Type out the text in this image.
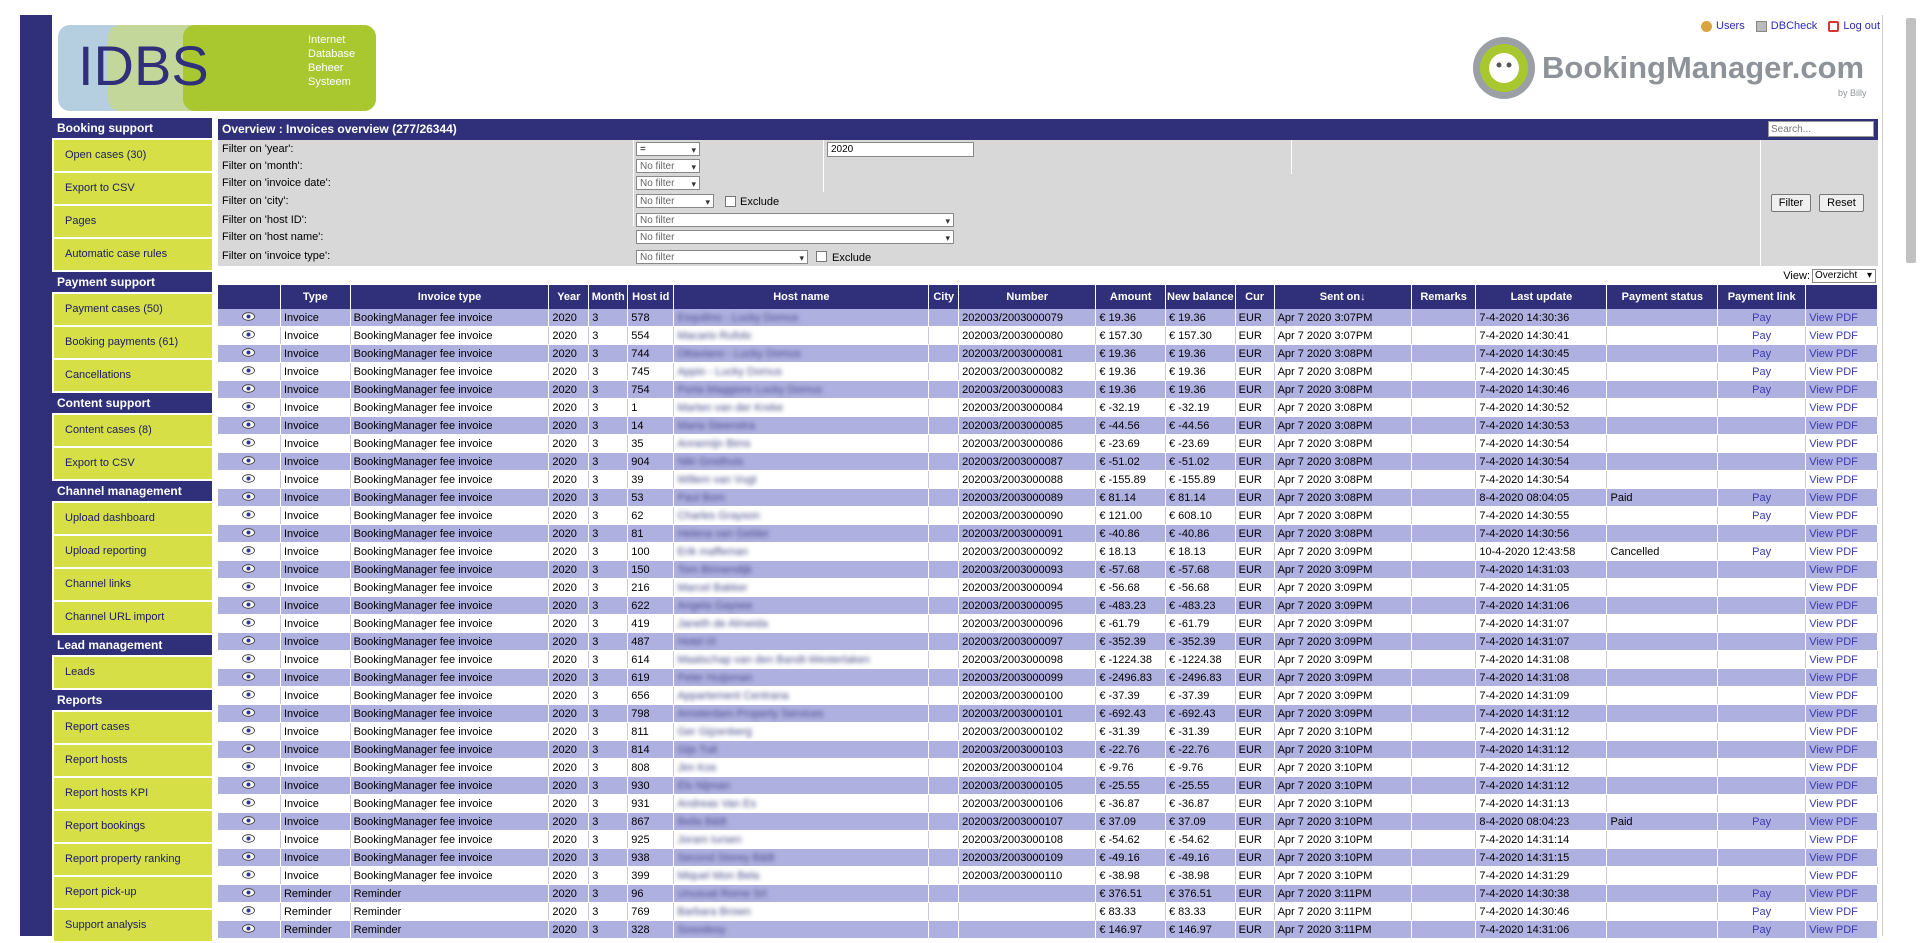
IDBS	Internet
Database
Beheer
Systeem
Users DBCheck Log out
BookingManager.com
by Billy
Booking support
Open cases (30)
Export to CSV
Pages
Automatic case rules
Payment support
Payment cases (50)
Booking payments (61)
Cancellations
Content support
Content cases (8)
Export to CSV
Channel management
Upload dashboard
Upload reporting
Channel links
Channel URL import
Lead management
Leads
Reports
Report cases
Report hosts
Report hosts KPI
Report bookings
Report property ranking
Report pick-up
Support analysis
Overview : Invoices overview (277/26344)
Search...
Filter on 'year':	=	▾	2020
Filter on 'month':	No filter ▾
Filter on 'invoice date':	No filter ▾
Filter on 'city':	No filter	▾	Exclude
Filter on 'host ID':	No filter	▾
Filter on 'host name':	No filter	▾
Filter on 'invoice type':	No filter	▾	Exclude
Filter	Reset
View: Overzicht ▾
	Type	Invoice type	Year	Month	Host id	Host name	City	Number	Amount	New balance	Cur	Sent on↓	Remarks	Last update	Payment status	Payment link	
	Invoice	BookingManager fee invoice	2020	3	578	Esquilino - Lucky Domus		202003/2003000079	€ 19.36	€ 19.36	EUR	Apr 7 2020 3:07PM		7-4-2020 14:30:36		Pay	View PDF
	Invoice	BookingManager fee invoice	2020	3	554	Macario Rufolo		202003/2003000080	€ 157.30	€ 157.30	EUR	Apr 7 2020 3:07PM		7-4-2020 14:30:41		Pay	View PDF
	Invoice	BookingManager fee invoice	2020	3	744	Ottaviano - Lucky Domus		202003/2003000081	€ 19.36	€ 19.36	EUR	Apr 7 2020 3:08PM		7-4-2020 14:30:45		Pay	View PDF
	Invoice	BookingManager fee invoice	2020	3	745	Appio - Lucky Domus		202003/2003000082	€ 19.36	€ 19.36	EUR	Apr 7 2020 3:08PM		7-4-2020 14:30:45		Pay	View PDF
	Invoice	BookingManager fee invoice	2020	3	754	Porta Maggiore Lucky Domus		202003/2003000083	€ 19.36	€ 19.36	EUR	Apr 7 2020 3:08PM		7-4-2020 14:30:46		Pay	View PDF
	Invoice	BookingManager fee invoice	2020	3	1	Marten van der Kreke		202003/2003000084	€ -32.19	€ -32.19	EUR	Apr 7 2020 3:08PM		7-4-2020 14:30:52			View PDF
	Invoice	BookingManager fee invoice	2020	3	14	Maria Steenstra		202003/2003000085	€ -44.56	€ -44.56	EUR	Apr 7 2020 3:08PM		7-4-2020 14:30:53			View PDF
	Invoice	BookingManager fee invoice	2020	3	35	Annemijn Bims		202003/2003000086	€ -23.69	€ -23.69	EUR	Apr 7 2020 3:08PM		7-4-2020 14:30:54			View PDF
	Invoice	BookingManager fee invoice	2020	3	904	Niki Grodhuis		202003/2003000087	€ -51.02	€ -51.02	EUR	Apr 7 2020 3:08PM		7-4-2020 14:30:54			View PDF
	Invoice	BookingManager fee invoice	2020	3	39	Willem van Vugt		202003/2003000088	€ -155.89	€ -155.89	EUR	Apr 7 2020 3:08PM		7-4-2020 14:30:54			View PDF
	Invoice	BookingManager fee invoice	2020	3	53	Paul Bom		202003/2003000089	€ 81.14	€ 81.14	EUR	Apr 7 2020 3:08PM		8-4-2020 08:04:05	Paid	Pay	View PDF
	Invoice	BookingManager fee invoice	2020	3	62	Charles Grayson		202003/2003000090	€ 121.00	€ 608.10	EUR	Apr 7 2020 3:08PM		7-4-2020 14:30:55		Pay	View PDF
	Invoice	BookingManager fee invoice	2020	3	81	Helena van Gelder		202003/2003000091	€ -40.86	€ -40.86	EUR	Apr 7 2020 3:08PM		7-4-2020 14:30:56			View PDF
	Invoice	BookingManager fee invoice	2020	3	100	Erik maffeman		202003/2003000092	€ 18.13	€ 18.13	EUR	Apr 7 2020 3:09PM		10-4-2020 12:43:58	Cancelled	Pay	View PDF
	Invoice	BookingManager fee invoice	2020	3	150	Tom Binnendijk		202003/2003000093	€ -57.68	€ -57.68	EUR	Apr 7 2020 3:09PM		7-4-2020 14:31:03			View PDF
	Invoice	BookingManager fee invoice	2020	3	216	Marcel Bakker		202003/2003000094	€ -56.68	€ -56.68	EUR	Apr 7 2020 3:09PM		7-4-2020 14:31:05			View PDF
	Invoice	BookingManager fee invoice	2020	3	622	Angela Gaysee		202003/2003000095	€ -483.23	€ -483.23	EUR	Apr 7 2020 3:09PM		7-4-2020 14:31:06			View PDF
	Invoice	BookingManager fee invoice	2020	3	419	Janeth de Almeida		202003/2003000096	€ -61.79	€ -61.79	EUR	Apr 7 2020 3:09PM		7-4-2020 14:31:07			View PDF
	Invoice	BookingManager fee invoice	2020	3	487	Hotel IX		202003/2003000097	€ -352.39	€ -352.39	EUR	Apr 7 2020 3:09PM		7-4-2020 14:31:07			View PDF
	Invoice	BookingManager fee invoice	2020	3	614	Maatschap van den Bandt-Westerlaken		202003/2003000098	€ -1224.38	€ -1224.38	EUR	Apr 7 2020 3:09PM		7-4-2020 14:31:08			View PDF
	Invoice	BookingManager fee invoice	2020	3	619	Peter Huijsman		202003/2003000099	€ -2496.83	€ -2496.83	EUR	Apr 7 2020 3:09PM		7-4-2020 14:31:08			View PDF
	Invoice	BookingManager fee invoice	2020	3	656	Appartement Centrana		202003/2003000100	€ -37.39	€ -37.39	EUR	Apr 7 2020 3:09PM		7-4-2020 14:31:09			View PDF
	Invoice	BookingManager fee invoice	2020	3	798	Amsterdam Property Services		202003/2003000101	€ -692.43	€ -692.43	EUR	Apr 7 2020 3:09PM		7-4-2020 14:31:12			View PDF
	Invoice	BookingManager fee invoice	2020	3	811	Ger Gijzenberg		202003/2003000102	€ -31.39	€ -31.39	EUR	Apr 7 2020 3:10PM		7-4-2020 14:31:12			View PDF
	Invoice	BookingManager fee invoice	2020	3	814	Gijs Tuit		202003/2003000103	€ -22.76	€ -22.76	EUR	Apr 7 2020 3:10PM		7-4-2020 14:31:12			View PDF
	Invoice	BookingManager fee invoice	2020	3	808	Jim Kos		202003/2003000104	€ -9.76	€ -9.76	EUR	Apr 7 2020 3:10PM		7-4-2020 14:31:12			View PDF
	Invoice	BookingManager fee invoice	2020	3	930	Els Nijman		202003/2003000105	€ -25.55	€ -25.55	EUR	Apr 7 2020 3:10PM		7-4-2020 14:31:12			View PDF
	Invoice	BookingManager fee invoice	2020	3	931	Andreas Van Es		202003/2003000106	€ -36.87	€ -36.87	EUR	Apr 7 2020 3:10PM		7-4-2020 14:31:13			View PDF
	Invoice	BookingManager fee invoice	2020	3	867	Bella B&B		202003/2003000107	€ 37.09	€ 37.09	EUR	Apr 7 2020 3:10PM		8-4-2020 08:04:23	Paid	Pay	View PDF
	Invoice	BookingManager fee invoice	2020	3	925	Joram Iursen		202003/2003000108	€ -54.62	€ -54.62	EUR	Apr 7 2020 3:10PM		7-4-2020 14:31:14			View PDF
	Invoice	BookingManager fee invoice	2020	3	938	Second Storey B&B		202003/2003000109	€ -49.16	€ -49.16	EUR	Apr 7 2020 3:10PM		7-4-2020 14:31:15			View PDF
	Invoice	BookingManager fee invoice	2020	3	399	Miquel Mon Bela		202003/2003000110	€ -38.98	€ -38.98	EUR	Apr 7 2020 3:10PM		7-4-2020 14:31:29			View PDF
	Reminder	Reminder	2020	3	96	Unusual Rome Srl			€ 376.51	€ 376.51	EUR	Apr 7 2020 3:11PM		7-4-2020 14:30:38		Pay	View PDF
	Reminder	Reminder	2020	3	769	Barbara Brown			€ 83.33	€ 83.33	EUR	Apr 7 2020 3:11PM		7-4-2020 14:30:46		Pay	View PDF
	Reminder	Reminder	2020	3	328	Sosodesy			€ 146.97	€ 146.97	EUR	Apr 7 2020 3:11PM		7-4-2020 14:31:06		Pay	View PDF
